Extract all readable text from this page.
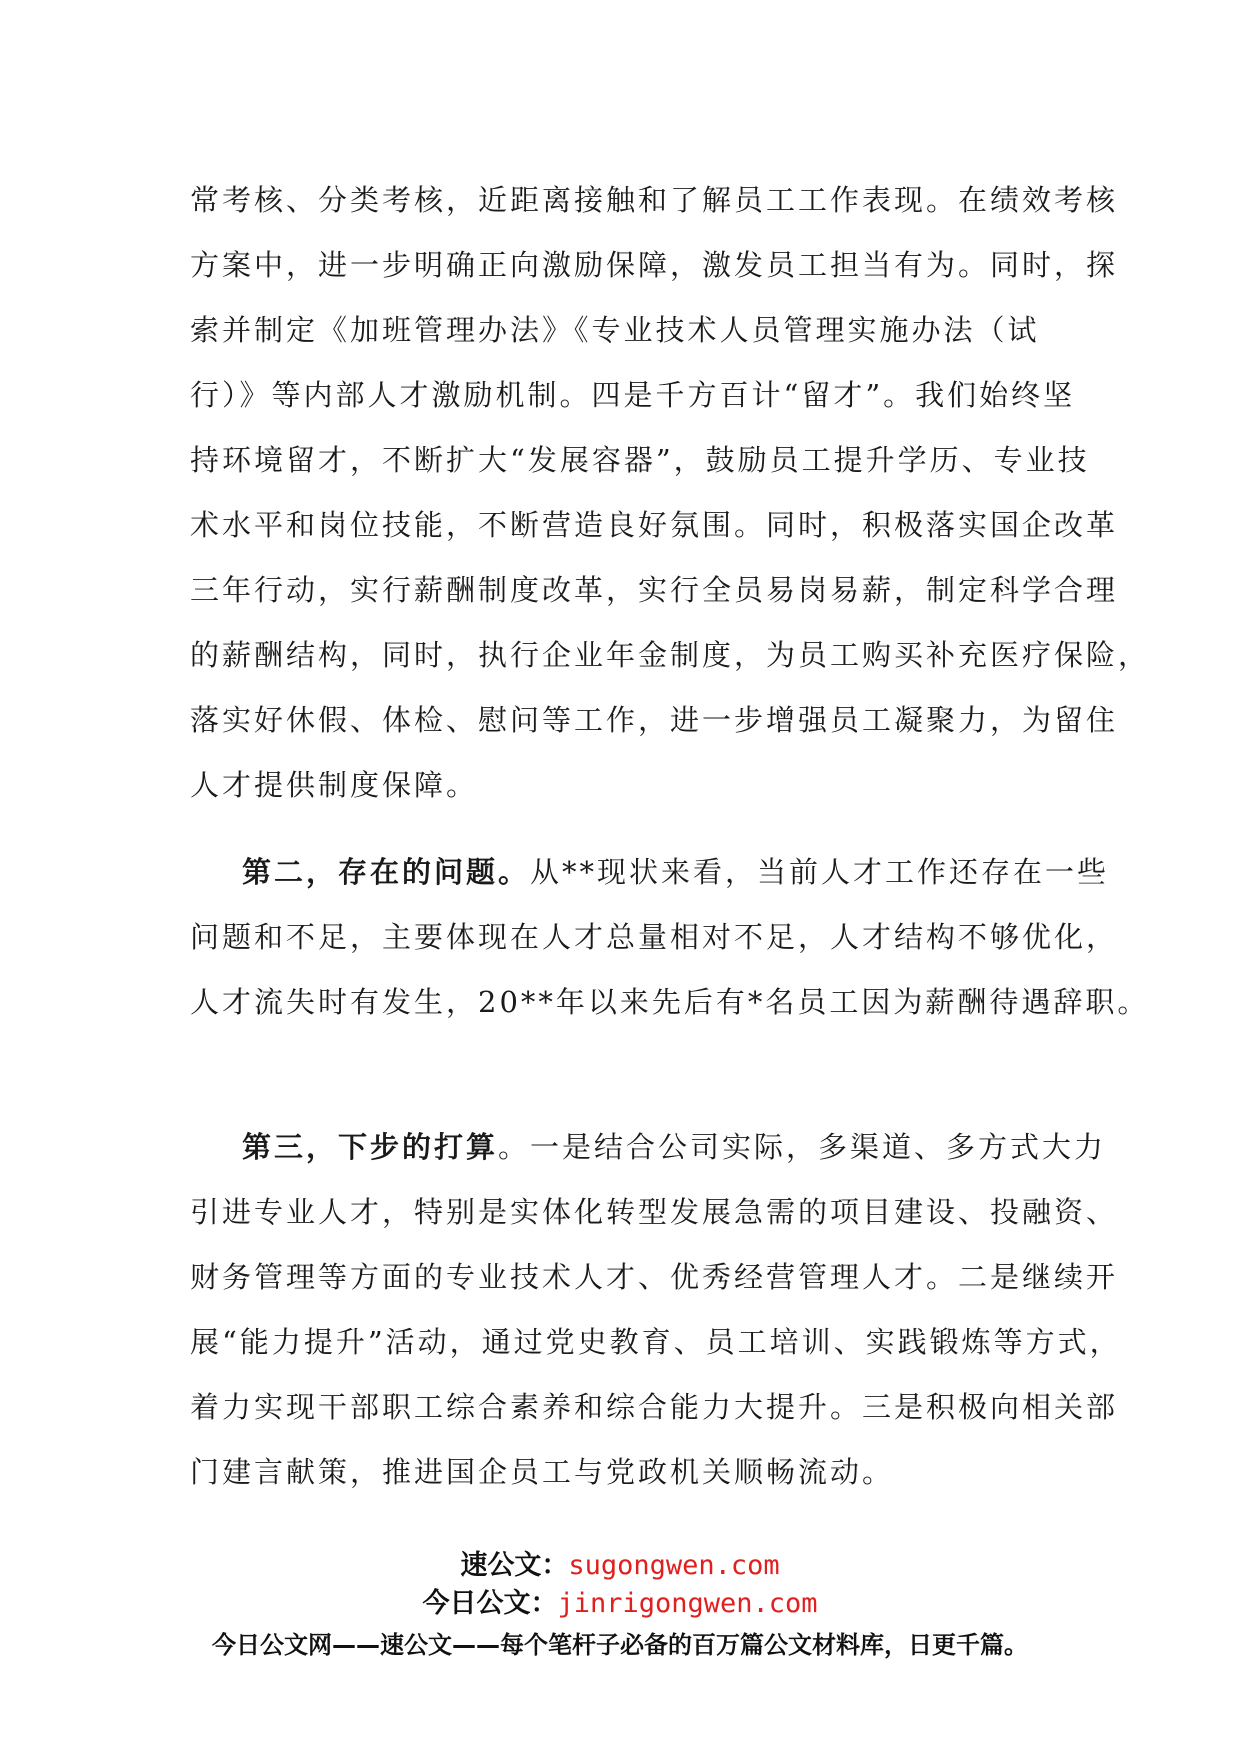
常考核、分类考核，近距离接触和了解员工工作表现。在绩效考核
方案中，进一步明确正向激励保障，激发员工担当有为。同时，探
索并制定《加班管理办法》《专业技术人员管理实施办法（试
行）》等内部人才激励机制。四是千方百计“留才”。我们始终坚
持环境留才，不断扩大“发展容器”，鼓励员工提升学历、专业技
术水平和岗位技能，不断营造良好氛围。同时，积极落实国企改革
三年行动，实行薪酬制度改革，实行全员易岗易薪，制定科学合理
的薪酬结构，同时，执行企业年金制度，为员工购买补充医疗保险，
落实好休假、体检、慰问等工作，进一步增强员工凝聚力，为留住
人才提供制度保障。
第二，存在的问题。从**现状来看，当前人才工作还存在一些
问题和不足，主要体现在人才总量相对不足，人才结构不够优化，
人才流失时有发生，20**年以来先后有*名员工因为薪酬待遇辞职。
第三，下步的打算。一是结合公司实际，多渠道、多方式大力
引进专业人才，特别是实体化转型发展急需的项目建设、投融资、
财务管理等方面的专业技术人才、优秀经营管理人才。二是继续开
展“能力提升”活动，通过党史教育、员工培训、实践锻炼等方式，
着力实现干部职工综合素养和综合能力大提升。三是积极向相关部
门建言献策，推进国企员工与党政机关顺畅流动。
速公文：sugongwen.com
今日公文：jinrigongwen.com
今日公文网——速公文——每个笔杆子必备的百万篇公文材料库，日更千篇。
